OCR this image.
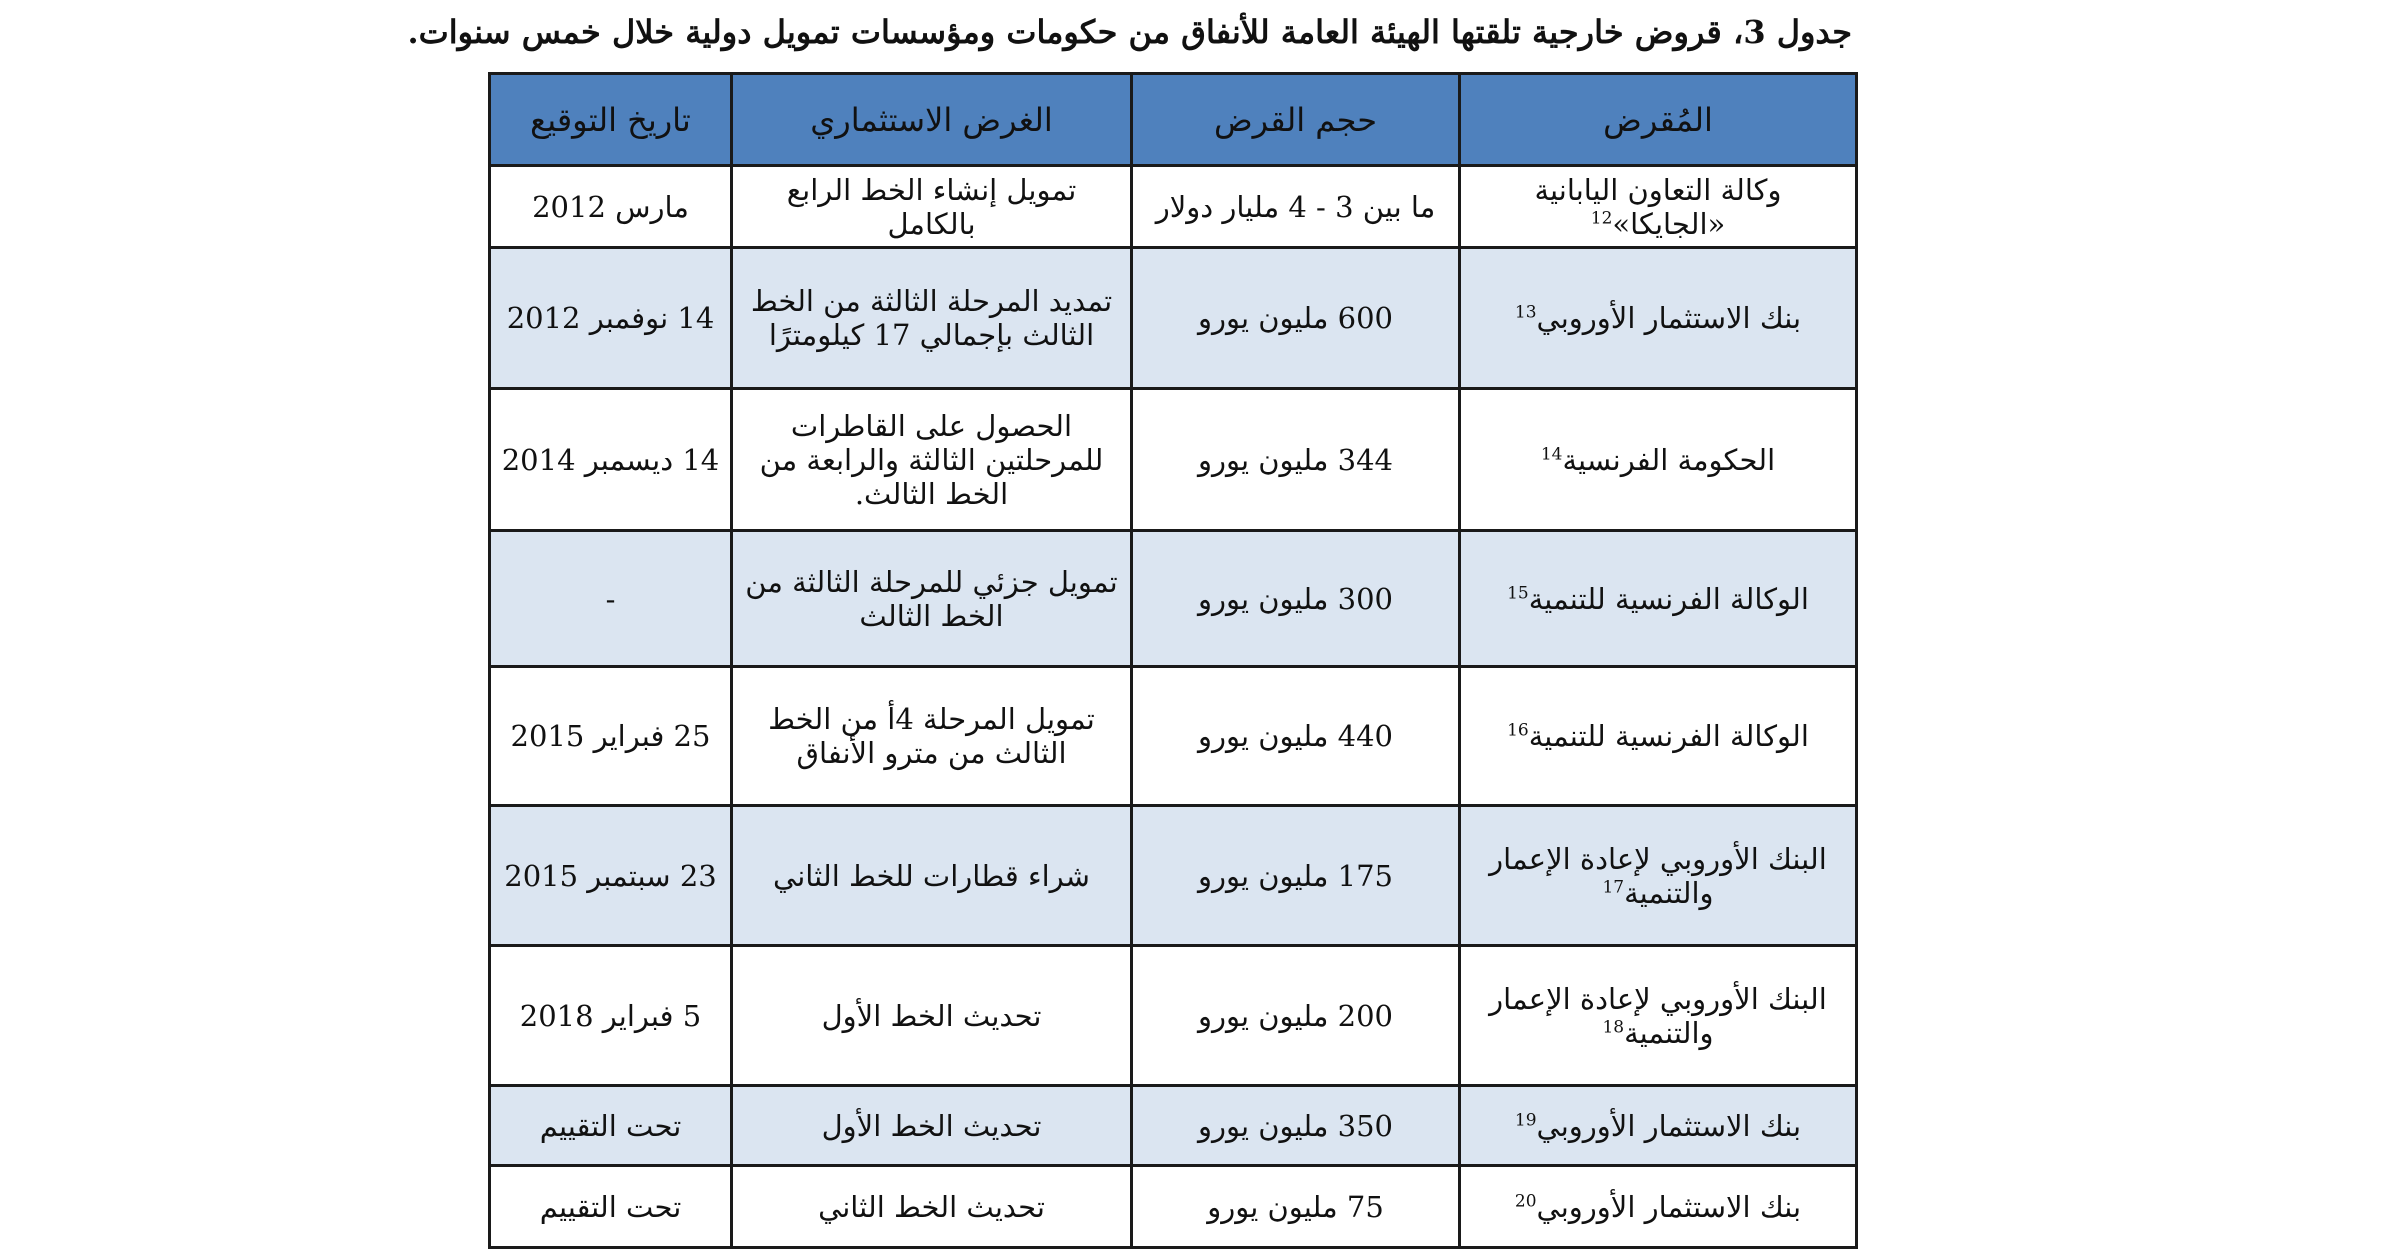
جدول 3، قروض خارجية تلقتها الهيئة العامة للأنفاق من حكومات ومؤسسات تمويل دولية خلال خمس سنوات.
المُقرض	حجم القرض	الغرض الاستثماري	تاريخ التوقيع
وكالة التعاون اليابانية «الجايكا»$^{12}$	ما بين 3 - 4 مليار دولار	تمويل إنشاء الخط الرابع بالكامل	مارس 2012
بنك الاستثمار الأوروبي$^{13}$	600 مليون يورو	تمديد المرحلة الثالثة من الخط الثالث بإجمالي 17 كيلومترًا	14 نوفمبر 2012
الحكومة الفرنسية$^{14}$	344 مليون يورو	الحصول على القاطرات للمرحلتين الثالثة والرابعة من الخط الثالث.	14 ديسمبر 2014
الوكالة الفرنسية للتنمية$^{15}$	300 مليون يورو	تمويل جزئي للمرحلة الثالثة من الخط الثالث	-
الوكالة الفرنسية للتنمية$^{16}$	440 مليون يورو	تمويل المرحلة 4أ من الخط الثالث من مترو الأنفاق	25 فبراير 2015
البنك الأوروبي لإعادة الإعمار والتنمية$^{17}$	175 مليون يورو	شراء قطارات للخط الثاني	23 سبتمبر 2015
البنك الأوروبي لإعادة الإعمار والتنمية$^{18}$	200 مليون يورو	تحديث الخط الأول	5 فبراير 2018
بنك الاستثمار الأوروبي$^{19}$	350 مليون يورو	تحديث الخط الأول	تحت التقييم
بنك الاستثمار الأوروبي$^{20}$	75 مليون يورو	تحديث الخط الثاني	تحت التقييم
